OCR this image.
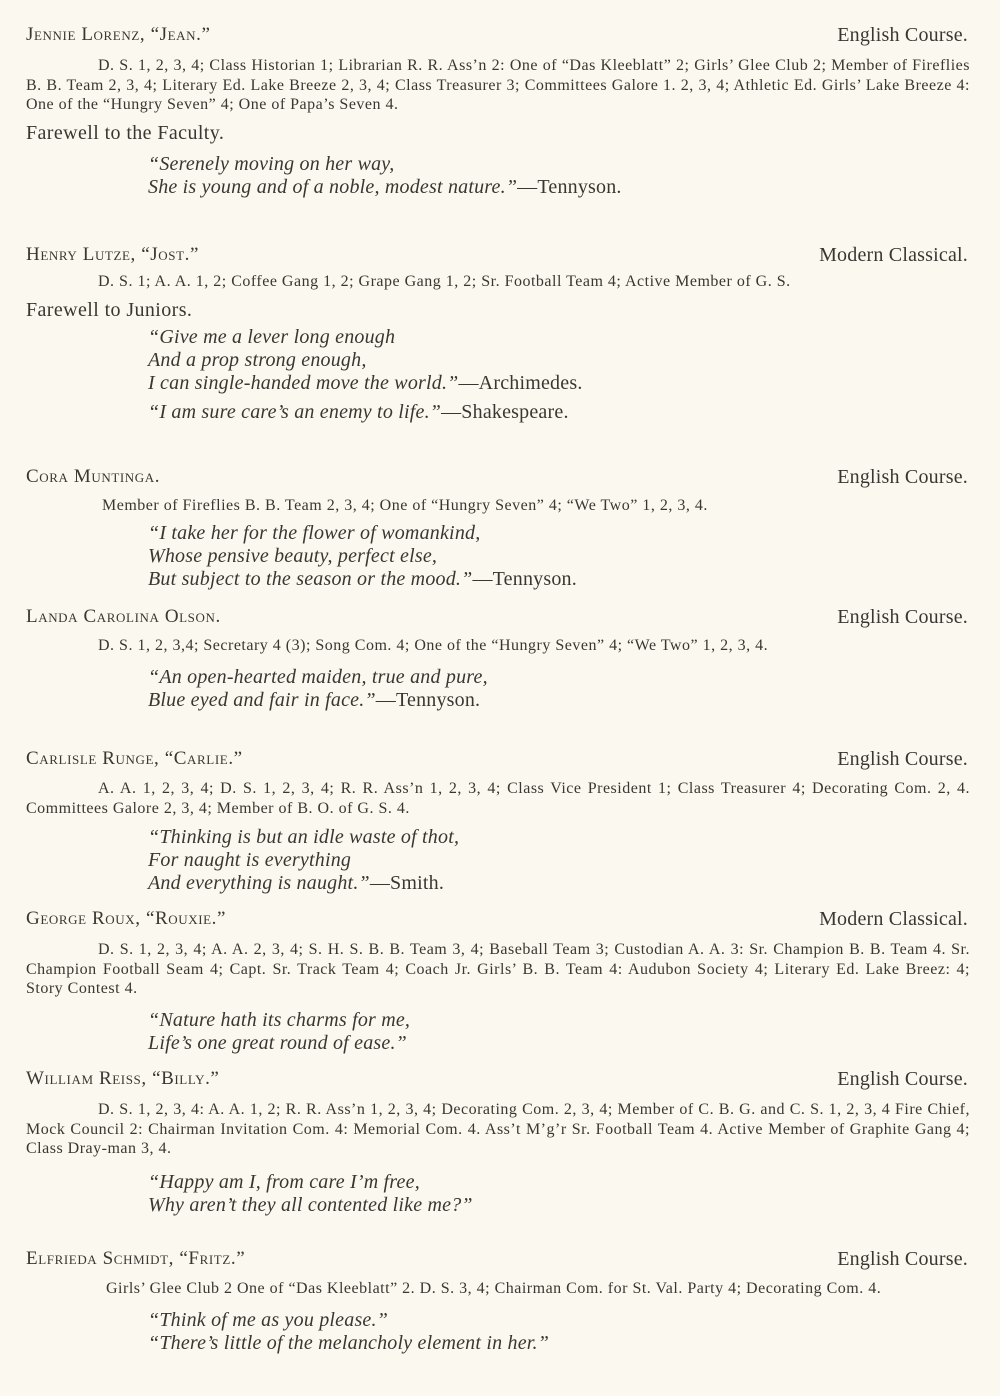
Jennie Lorenz, “Jean.”	English Course.

D. S. 1, 2, 3, 4; Class Historian 1; Librarian R. R. Ass’n 2: One of “Das Kleeblatt” 2; Girls’ Glee Club 2; Member of Fireflies B. B. Team 2, 3, 4; Literary Ed. Lake Breeze 2, 3, 4; Class Treasurer 3; Committees Galore 1. 2, 3, 4; Athletic Ed. Girls’ Lake Breeze 4: One of the “Hungry Seven” 4; One of Papa’s Seven 4.

Farewell to the Faculty.
“Serenely moving on her way,
She is young and of a noble, modest nature.”—Tennyson.
Henry Lutze, “Jost.”	Modern Classical.

D. S. 1; A. A. 1, 2; Coffee Gang 1, 2; Grape Gang 1, 2; Sr. Football Team 4; Active Member of G. S.

Farewell to Juniors.
“Give me a lever long enough
And a prop strong enough,
I can single-handed move the world.”—Archimedes.
“I am sure care’s an enemy to life.”—Shakespeare.
Cora Muntinga.	English Course.

Member of Fireflies B. B. Team 2, 3, 4; One of “Hungry Seven” 4; “We Two” 1, 2, 3, 4.

“I take her for the flower of womankind,
Whose pensive beauty, perfect else,
But subject to the season or the mood.”—Tennyson.
Landa Carolina Olson.	English Course.

D. S. 1, 2, 3,4; Secretary 4 (3); Song Com. 4; One of the “Hungry Seven” 4; “We Two” 1, 2, 3, 4.

“An open-hearted maiden, true and pure,
Blue eyed and fair in face.”—Tennyson.
Carlisle Runge, “Carlie.”	English Course.

A. A. 1, 2, 3, 4; D. S. 1, 2, 3, 4; R. R. Ass’n 1, 2, 3, 4; Class Vice President 1; Class Treasurer 4; Decorating Com. 2, 4. Committees Galore 2, 3, 4; Member of B. O. of G. S. 4.

“Thinking is but an idle waste of thot,
For naught is everything
And everything is naught.”—Smith.
George Roux, “Rouxie.”	Modern Classical.

D. S. 1, 2, 3, 4; A. A. 2, 3, 4; S. H. S. B. B. Team 3, 4; Baseball Team 3; Custodian A. A. 3: Sr. Champion B. B. Team 4. Sr. Champion Football Seam 4; Capt. Sr. Track Team 4; Coach Jr. Girls’ B. B. Team 4: Audubon Society 4; Literary Ed. Lake Breez: 4; Story Contest 4.

“Nature hath its charms for me,
Life’s one great round of ease.”
William Reiss, “Billy.”	English Course.

D. S. 1, 2, 3, 4: A. A. 1, 2; R. R. Ass’n 1, 2, 3, 4; Decorating Com. 2, 3, 4; Member of C. B. G. and C. S. 1, 2, 3, 4 Fire Chief, Mock Council 2: Chairman Invitation Com. 4: Memorial Com. 4. Ass’t M’g’r Sr. Football Team 4. Active Member of Graphite Gang 4; Class Dray-man 3, 4.

“Happy am I, from care I’m free,
Why aren’t they all contented like me?”
Elfrieda Schmidt, “Fritz.”	English Course.

Girls’ Glee Club 2 One of “Das Kleeblatt” 2. D. S. 3, 4; Chairman Com. for St. Val. Party 4; Decorating Com. 4.

“Think of me as you please.”
“There’s little of the melancholy element in her.”
